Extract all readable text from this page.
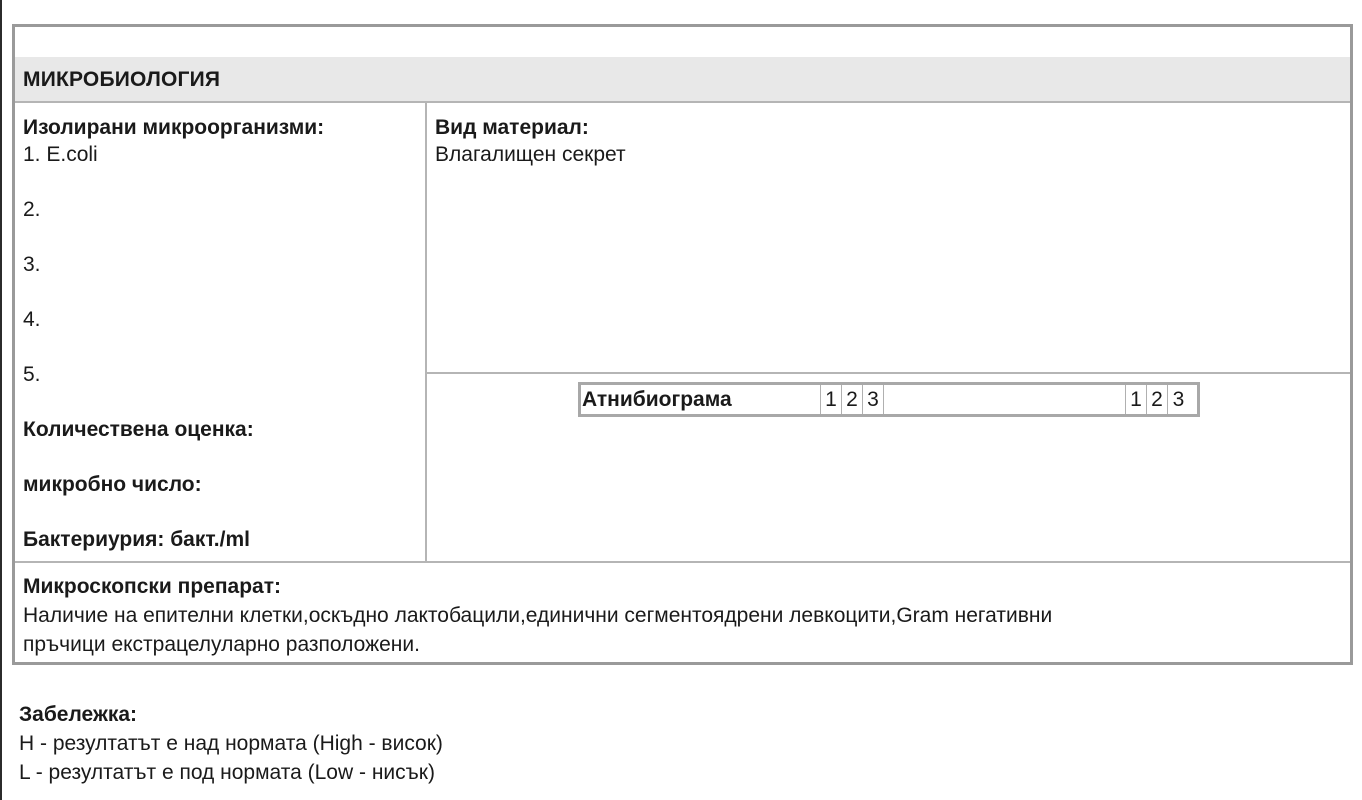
МИКРОБИОЛОГИЯ
Изолирани микроорганизми:
1. E.coli
2.
3.
4.
5.
Количествена оценка:
микробно число:
Бактериурия: бакт./ml
Вид материал:
Влагалищен секрет
Атнибиограма	1 2 3	1 2 3
Микроскопски препарат:
Наличие на епителни клетки,оскъдно лактобацили,единични сегментоядрени левкоцити,Gram негативни
пръчици екстрацелуларно разположени.
Забележка:
H - резултатът е над нормата (High - висок)
L - резултатът е под нормата (Low - нисък)
